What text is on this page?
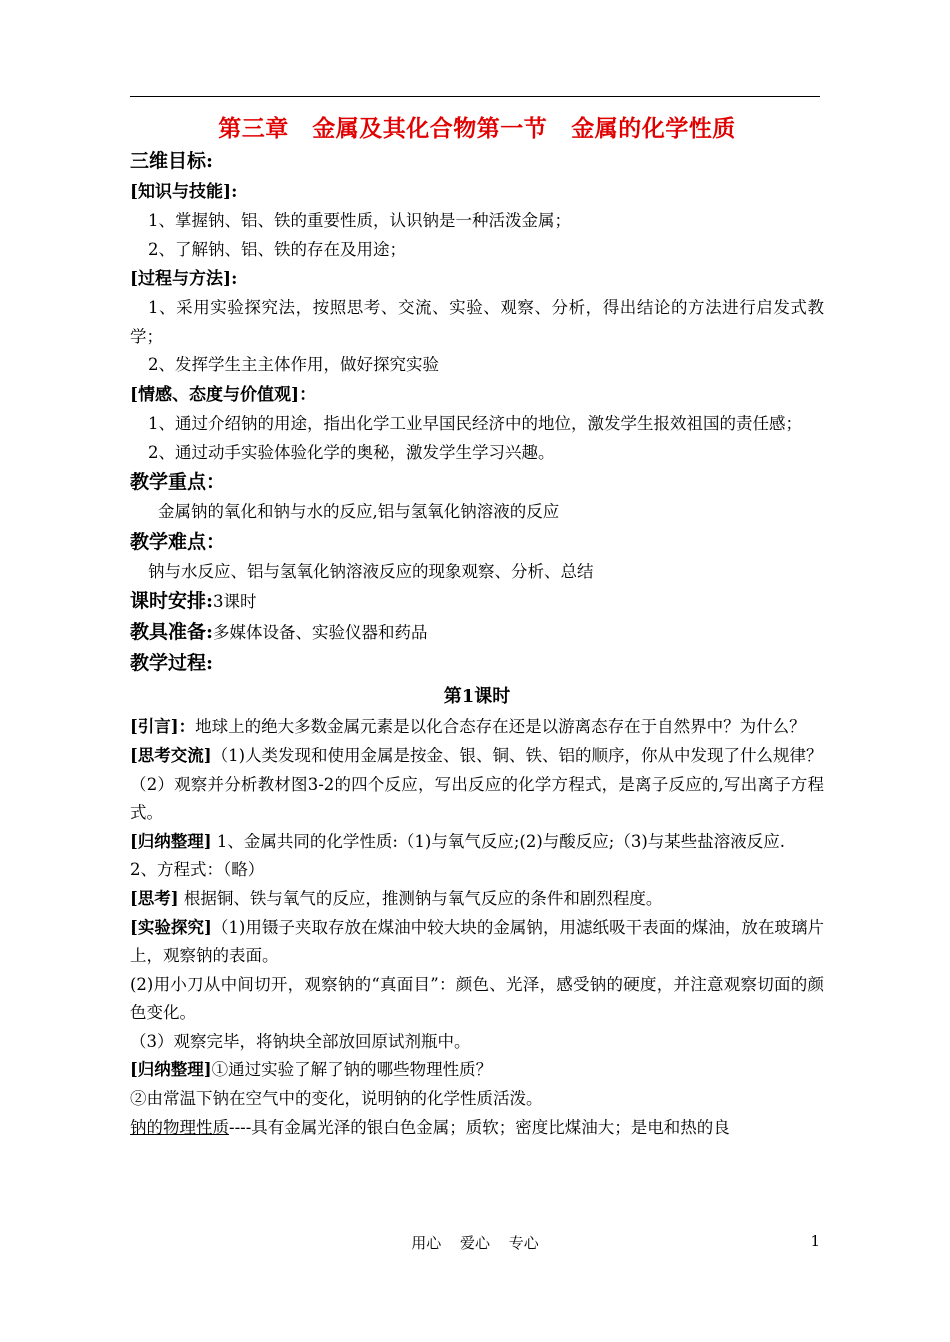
第三章　金属及其化合物第一节 金属的化学性质

三维目标:

[知识与技能]:

1、掌握钠、铝、铁的重要性质，认识钠是一种活泼金属；

2、了解钠、铝、铁的存在及用途；

[过程与方法]:

1、采用实验探究法，按照思考、交流、实验、观察、分析，得出结论的方法进行启发式教学；

2、发挥学生主主体作用，做好探究实验

[情感、态度与价值观]：

1、通过介绍钠的用途，指出化学工业早国民经济中的地位，激发学生报效祖国的责任感；

2、通过动手实验体验化学的奥秘，激发学生学习兴趣。

教学重点：

金属钠的氧化和钠与水的反应,铝与氢氧化钠溶液的反应

教学难点：

钠与水反应、铝与氢氧化钠溶液反应的现象观察、分析、总结

课时安排:3课时

教具准备:多媒体设备、实验仪器和药品

教学过程:

第1课时

[引言]：地球上的绝大多数金属元素是以化合态存在还是以游离态存在于自然界中？为什么？

[思考交流]（1)人类发现和使用金属是按金、银、铜、铁、铝的顺序，你从中发现了什么规律？

（2）观察并分析教材图3-2的四个反应，写出反应的化学方程式，是离子反应的,写出离子方程式。

[归纳整理] 1、金属共同的化学性质:（1)与氧气反应;(2)与酸反应;（3)与某些盐溶液反应.

2、方程式：（略）

[思考] 根据铜、铁与氧气的反应，推测钠与氧气反应的条件和剧烈程度。

[实验探究]（1)用镊子夹取存放在煤油中较大块的金属钠，用滤纸吸干表面的煤油，放在玻璃片上，观察钠的表面。

(2)用小刀从中间切开，观察钠的“真面目”：颜色、光泽，感受钠的硬度，并注意观察切面的颜色变化。

（3）观察完毕，将钠块全部放回原试剂瓶中。

[归纳整理]①通过实验了解了钠的哪些物理性质？

②由常温下钠在空气中的变化，说明钠的化学性质活泼。

钠的物理性质----具有金属光泽的银白色金属；质软；密度比煤油大；是电和热的良

用心 爱心 专心	1
